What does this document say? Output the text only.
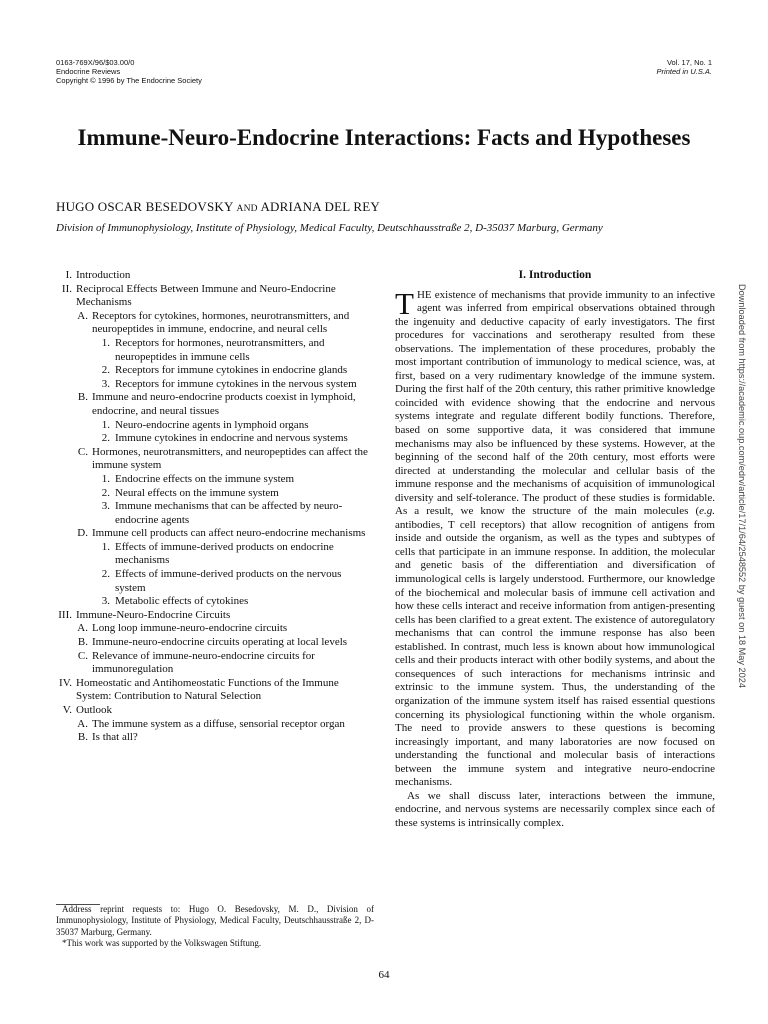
0163-769X/96/$03.00/0
Endocrine Reviews
Copyright © 1996 by The Endocrine Society
Vol. 17, No. 1
Printed in U.S.A.
Immune-Neuro-Endocrine Interactions: Facts and Hypotheses
HUGO OSCAR BESEDOVSKY AND ADRIANA DEL REY
Division of Immunophysiology, Institute of Physiology, Medical Faculty, Deutschhausstraße 2, D-35037 Marburg, Germany
I. Introduction
II. Reciprocal Effects Between Immune and Neuro-Endocrine Mechanisms
A. Receptors for cytokines, hormones, neurotransmitters, and neuropeptides in immune, endocrine, and neural cells
1. Receptors for hormones, neurotransmitters, and neuropeptides in immune cells
2. Receptors for immune cytokines in endocrine glands
3. Receptors for immune cytokines in the nervous system
B. Immune and neuro-endocrine products coexist in lymphoid, endocrine, and neural tissues
1. Neuro-endocrine agents in lymphoid organs
2. Immune cytokines in endocrine and nervous systems
C. Hormones, neurotransmitters, and neuropeptides can affect the immune system
1. Endocrine effects on the immune system
2. Neural effects on the immune system
3. Immune mechanisms that can be affected by neuro-endocrine agents
D. Immune cell products can affect neuro-endocrine mechanisms
1. Effects of immune-derived products on endocrine mechanisms
2. Effects of immune-derived products on the nervous system
3. Metabolic effects of cytokines
III. Immune-Neuro-Endocrine Circuits
A. Long loop immune-neuro-endocrine circuits
B. Immune-neuro-endocrine circuits operating at local levels
C. Relevance of immune-neuro-endocrine circuits for immunoregulation
IV. Homeostatic and Antihomeostatic Functions of the Immune System: Contribution to Natural Selection
V. Outlook
A. The immune system as a diffuse, sensorial receptor organ
B. Is that all?

Address reprint requests to: Hugo O. Besedovsky, M. D., Division of Immunophysiology, Institute of Physiology, Medical Faculty, Deutschhausstraße 2, D-35037 Marburg, Germany.

*This work was supported by the Volkswagen Stiftung.

I. Introduction

THE existence of mechanisms that provide immunity to an infective agent was inferred from empirical observations obtained through the ingenuity and deductive capacity of early investigators. The first procedures for vaccinations and serotherapy resulted from these observations. The implementation of these procedures, probably the most important contribution of immunology to medical science, was, at first, based on a very rudimentary knowledge of the immune system. During the first half of the 20th century, this rather primitive knowledge coincided with evidence showing that the endocrine and nervous systems integrate and regulate different bodily functions. Therefore, based on some supportive data, it was considered that immune mechanisms may also be influenced by these systems. However, at the beginning of the second half of the 20th century, most efforts were directed at understanding the molecular and cellular basis of the immune response and the mechanisms of acquisition of immunological diversity and self-tolerance. The product of these studies is formidable. As a result, we know the structure of the main molecules (e.g. antibodies, T cell receptors) that allow recognition of antigens from inside and outside the organism, as well as the types and subtypes of cells that participate in an immune response. In addition, the molecular and genetic basis of the differentiation and diversification of immunological cells is largely understood. Furthermore, our knowledge of the biochemical and molecular basis of immune cell activation and how these cells interact and receive information from antigen-presenting cells has been clarified to a great extent. The existence of autoregulatory mechanisms that can control the immune response has also been established. In contrast, much less is known about how immunological cells and their products interact with other bodily systems, and about the consequences of such interactions for mechanisms intrinsic and extrinsic to the immune system. Thus, the understanding of the organization of the immune system itself has raised essential questions concerning its physiological functioning within the whole organism. The need to provide answers to these questions is becoming increasingly important, and many laboratories are now focused on understanding the functional and molecular basis of interactions between the immune system and integrative neuro-endocrine mechanisms.

As we shall discuss later, interactions between the immune, endocrine, and nervous systems are necessarily complex since each of these systems is intrinsically complex.

64
Downloaded from https://academic.oup.com/edrv/article/17/1/64/2548552 by guest on 18 May 2024
